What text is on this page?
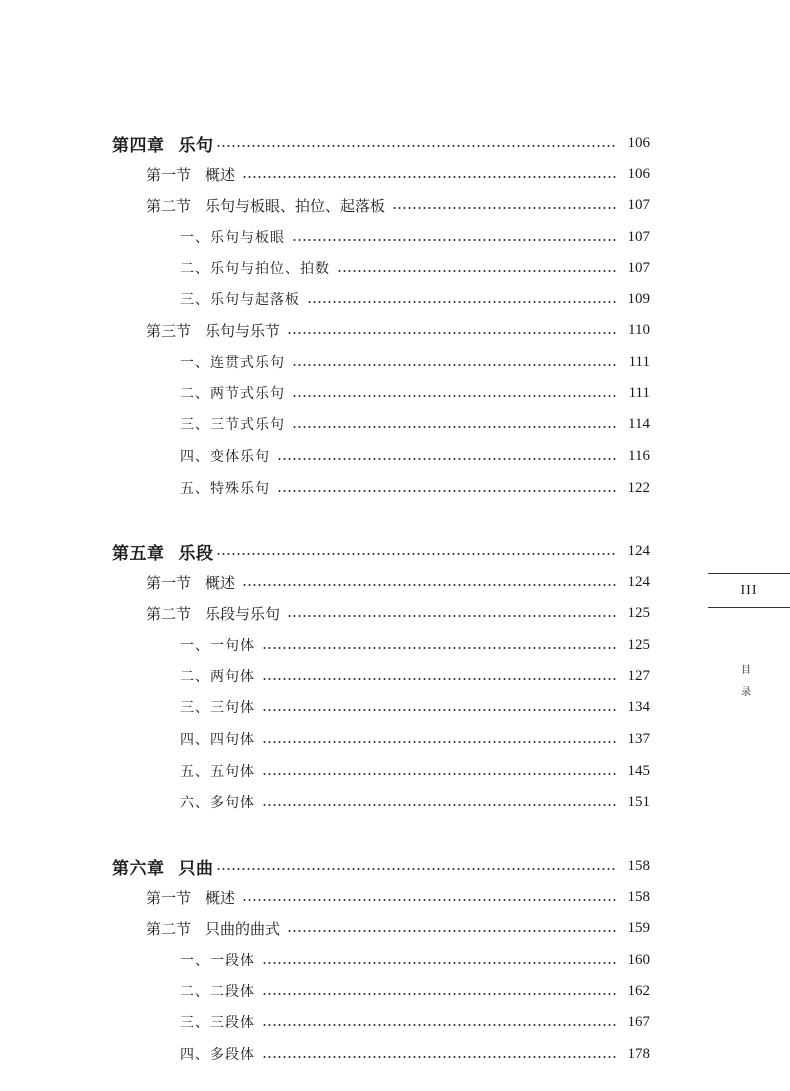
第四章 乐句	106
第一节 概述	106
第二节 乐句与板眼、拍位、起落板	107
一、乐句与板眼	107
二、乐句与拍位、拍数	107
三、乐句与起落板	109
第三节 乐句与乐节	110
一、连贯式乐句	111
二、两节式乐句	111
三、三节式乐句	114
四、变体乐句	116
五、特殊乐句	122
第五章 乐段	124
第一节 概述	124
第二节 乐段与乐句	125
一、一句体	125
二、两句体	127
三、三句体	134
四、四句体	137
五、五句体	145
六、多句体	151
第六章 只曲	158
第一节 概述	158
第二节 只曲的曲式	159
一、一段体	160
二、二段体	162
三、三段体	167
四、多段体	178
III
目
录
